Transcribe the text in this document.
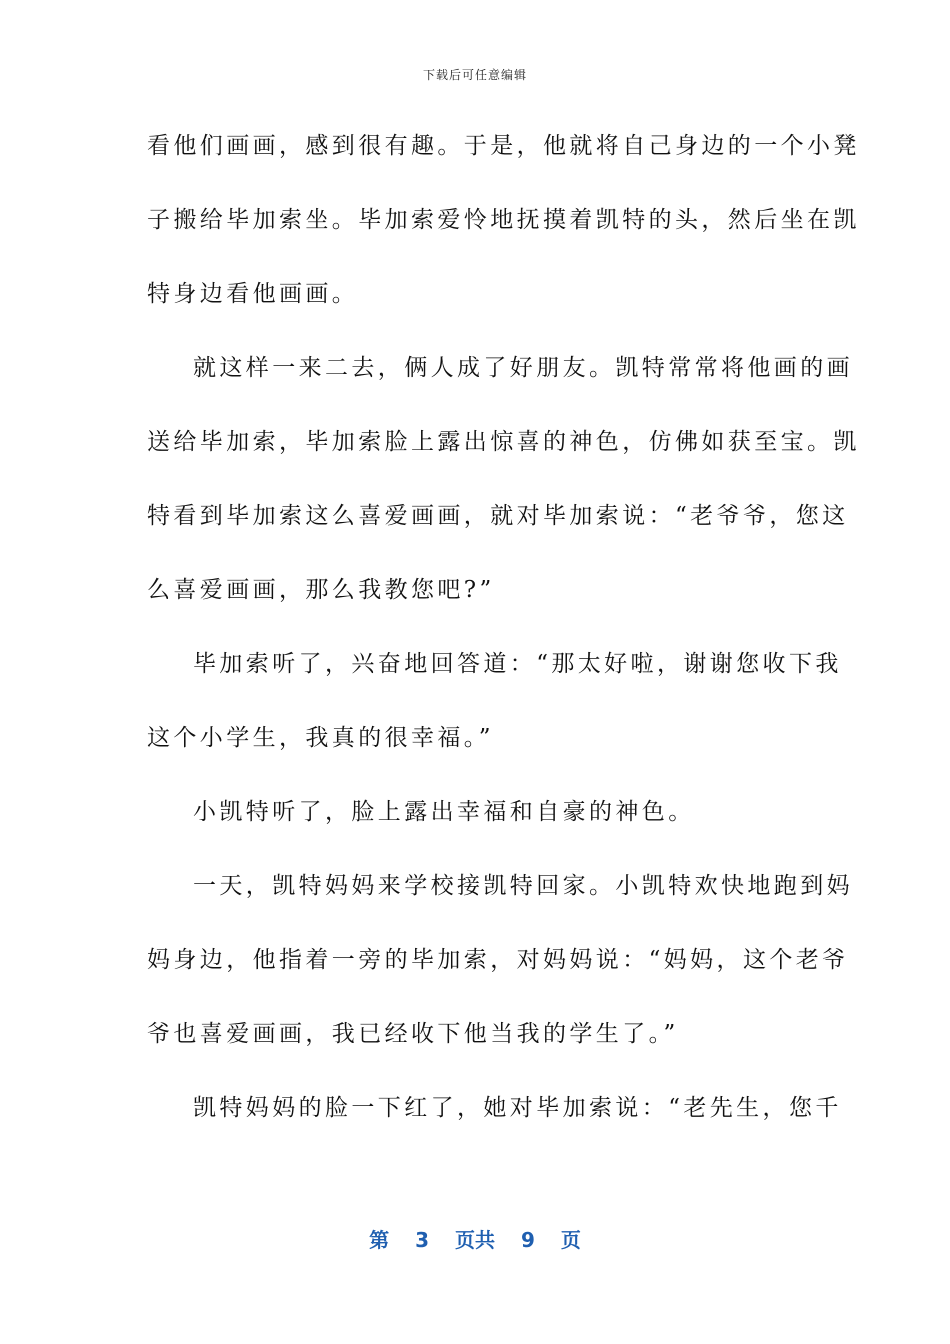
下载后可任意编辑
看他们画画，感到很有趣。于是，他就将自己身边的一个小凳
子搬给毕加索坐。毕加索爱怜地抚摸着凯特的头，然后坐在凯
特身边看他画画。
就这样一来二去，俩人成了好朋友。凯特常常将他画的画
送给毕加索，毕加索脸上露出惊喜的神色，仿佛如获至宝。凯
特看到毕加索这么喜爱画画，就对毕加索说：“老爷爷，您这
么喜爱画画，那么我教您吧?”
毕加索听了，兴奋地回答道：“那太好啦，谢谢您收下我
这个小学生，我真的很幸福。”
小凯特听了，脸上露出幸福和自豪的神色。
一天，凯特妈妈来学校接凯特回家。小凯特欢快地跑到妈
妈身边，他指着一旁的毕加索，对妈妈说：“妈妈，这个老爷
爷也喜爱画画，我已经收下他当我的学生了。”
凯特妈妈的脸一下红了，她对毕加索说：“老先生，您千
第 3 页共 9 页
